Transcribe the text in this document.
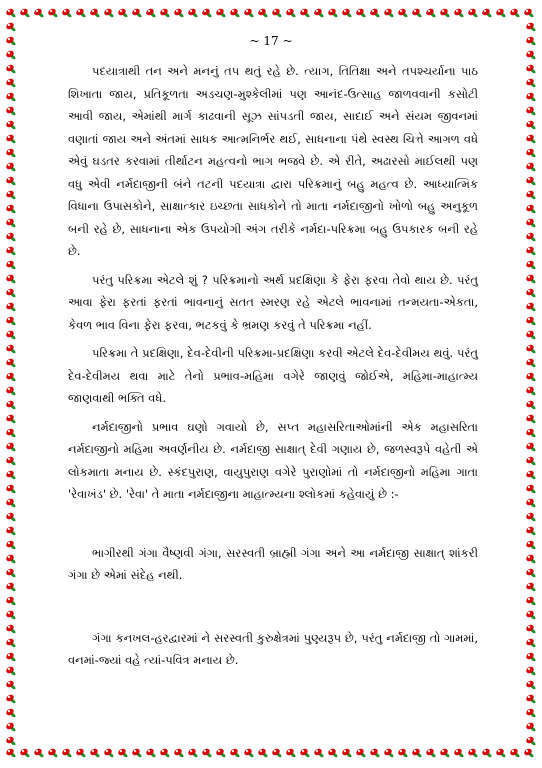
~ 17 ~

પદયાત્રાથી તન અને મનનું તપ થતું રહે છે. ત્યાગ, તિતિક્ષા અને તપશ્ચર્યાના પાઠ શિખાતા જાય, પ્રતિકૂળતા અડચણ-મુશ્કેલીમાં પણ આનંદ-ઉત્સાહ જાળવવાની કસોટી આવી જાય, એમાંથી માર્ગ કાઢવાની સૂઝ સાંપડતી જાય, સાદાઈ અને સંયમ જીવનમાં વણાતાં જાય અને અંતમાં સાધક આત્મનિર્ભર થઈ, સાધનાના પંથે સ્વસ્થ ચિત્તે આગળ વધે એવું ઘડતર કરવામાં તીર્થાટન મહત્વનો ભાગ ભજવે છે. એ રીતે, અઢારસો માઈલથી પણ વધુ એવી નર્મદાજીની બંને તટની પદયાત્રા દ્વારા પરિક્રમાનું બહુ મહત્વ છે. આધ્યાત્મિક વિધાના ઉપાસકોને, સાક્ષાત્કાર ઇચ્છતા સાધકોને તો માતા નર્મદાજીનો ખોળો બહુ અનુકૂળ બની રહે છે, સાધનાના એક ઉપયોગી અંગ તરીકે નર્મદા-પરિક્રમા બહુ ઉપકારક બની રહે છે.

પરંતુ પરિક્રમા એટલે શું ? પરિક્રમાનો અર્થ પ્રદક્ષિણા કે ફેરા ફરવા તેવો થાય છે. પરંતુ આવા ફેરા ફરતાં ફરતાં ભાવનાનું સતત સ્મરણ રહે એટલે ભાવનામાં તન્મયતા-એકતા, કેવળ ભાવ વિના ફેરા ફરવા, ભટકવું કે ભ્રમણ કરવું તે પરિક્રમા નહીં.

પરિક્રમા તે પ્રદક્ષિણા, દેવ-દેવીની પરિક્રમા-પ્રદક્ષિણા કરવી એટલે દેવ-દેવીમય થવું. પરંતુ દેવ-દેવીમય થવા માટે તેનો પ્રભાવ-મહિમા વગેરે જાણવું જોઈએ, મહિમા-માહાત્મ્ય જાણવાથી ભક્તિ વધે.

નર્મદાજીનો પ્રભાવ ઘણો ગવાયો છે, સપ્ત મહાસરિતાઓમાંની એક મહાસરિતા નર્મદાજીનો મહિમા અવર્ણનીય છે. નર્મદાજી સાક્ષાત્ દેવી ગણાય છે, જળસ્વરૂપે વહેતી એ લોકમાતા મનાય છે. સ્કંદપુરાણ, વાયુપુરાણ વગેરે પુરાણોમાં તો નર્મદાજીનો મહિમા ગાતા 'રેવાખંડ' છે. 'રેવા' તે માતા નર્મદાજીના માહાત્મ્યના શ્લોકમાં કહેવાયું છે :-

ભાગીરથી ગંગા વૈષ્ણવી ગંગા, સરસ્વતી બ્રાહ્મી ગંગા અને આ નર્મદાજી સાક્ષાત્ શાંકરી ગંગા છે એમાં સંદેહ નથી.

ગંગા કનખલ-હરદ્વારમાં ને સરસ્વતી કુરુક્ષેત્રમાં પુણ્યરૂપ છે, પરંતુ નર્મદાજી તો ગામમાં, વનમાં-જ્યાં વહે ત્યાં-પવિત્ર મનાય છે.
